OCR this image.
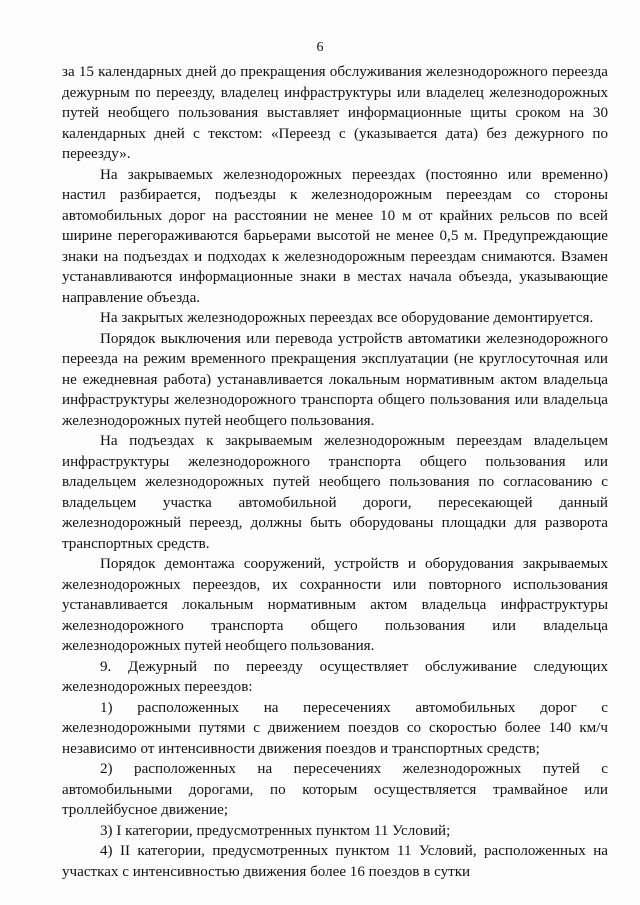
6

за 15 календарных дней до прекращения обслуживания железнодорожного переезда дежурным по переезду, владелец инфраструктуры или владелец железнодорожных путей необщего пользования выставляет информационные щиты сроком на 30 календарных дней с текстом: «Переезд с (указывается дата) без дежурного по переезду».

На закрываемых железнодорожных переездах (постоянно или временно) настил разбирается, подъезды к железнодорожным переездам со стороны автомобильных дорог на расстоянии не менее 10 м от крайних рельсов по всей ширине перегораживаются барьерами высотой не менее 0,5 м. Предупреждающие знаки на подъездах и подходах к железнодорожным переездам снимаются. Взамен устанавливаются информационные знаки в местах начала объезда, указывающие направление объезда.

На закрытых железнодорожных переездах все оборудование демонтируется.

Порядок выключения или перевода устройств автоматики железнодорожного переезда на режим временного прекращения эксплуатации (не круглосуточная или не ежедневная работа) устанавливается локальным нормативным актом владельца инфраструктуры железнодорожного транспорта общего пользования или владельца железнодорожных путей необщего пользования.

На подъездах к закрываемым железнодорожным переездам владельцем инфраструктуры железнодорожного транспорта общего пользования или владельцем железнодорожных путей необщего пользования по согласованию с владельцем участка автомобильной дороги, пересекающей данный железнодорожный переезд, должны быть оборудованы площадки для разворота транспортных средств.

Порядок демонтажа сооружений, устройств и оборудования закрываемых железнодорожных переездов, их сохранности или повторного использования устанавливается локальным нормативным актом владельца инфраструктуры железнодорожного транспорта общего пользования или владельца железнодорожных путей необщего пользования.

9. Дежурный по переезду осуществляет обслуживание следующих железнодорожных переездов:

1) расположенных на пересечениях автомобильных дорог с железнодорожными путями с движением поездов со скоростью более 140 км/ч независимо от интенсивности движения поездов и транспортных средств;

2) расположенных на пересечениях железнодорожных путей с автомобильными дорогами, по которым осуществляется трамвайное или троллейбусное движение;

3) I категории, предусмотренных пунктом 11 Условий;

4) II категории, предусмотренных пунктом 11 Условий, расположенных на участках с интенсивностью движения более 16 поездов в сутки
